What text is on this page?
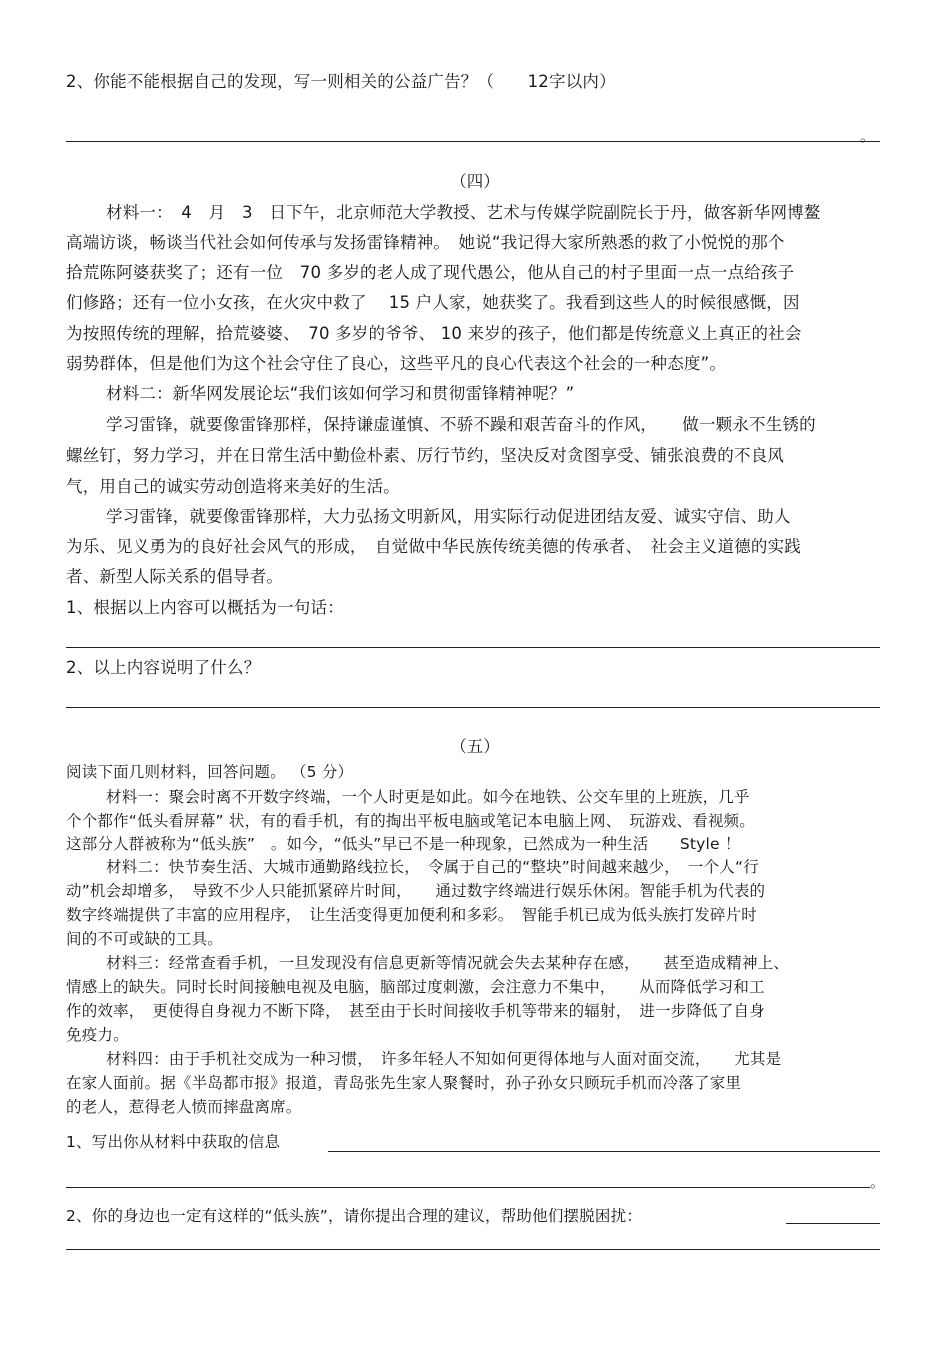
2、你能不能根据自己的发现，写一则相关的公益广告？（　　12字以内）
。
（四）
材料一：　4　月　3　日下午，北京师范大学教授、艺术与传媒学院副院长于丹，做客新华网博鳌
高端访谈，畅谈当代社会如何传承与发扬雷锋精神。　她说“我记得大家所熟悉的救了小悦悦的那个
拾荒陈阿婆获奖了；还有一位　70 多岁的老人成了现代愚公，他从自己的村子里面一点一点给孩子
们修路；还有一位小女孩，在火灾中救了　 15 户人家，她获奖了。我看到这些人的时候很感慨，因
为按照传统的理解，拾荒婆婆、　70 多岁的爷爷、 10 来岁的孩子，他们都是传统意义上真正的社会
弱势群体，但是他们为这个社会守住了良心，这些平凡的良心代表这个社会的一种态度”。
材料二：新华网发展论坛“我们该如何学习和贯彻雷锋精神呢？”
学习雷锋，就要像雷锋那样，保持谦虚谨慎、不骄不躁和艰苦奋斗的作风，　　做一颗永不生锈的
螺丝钉，努力学习，并在日常生活中勤俭朴素、厉行节约，坚决反对贪图享受、铺张浪费的不良风
气，用自己的诚实劳动创造将来美好的生活。
学习雷锋，就要像雷锋那样，大力弘扬文明新风，用实际行动促进团结友爱、诚实守信、助人
为乐、见义勇为的良好社会风气的形成，　自觉做中华民族传统美德的传承者、　社会主义道德的实践
者、新型人际关系的倡导者。
1、根据以上内容可以概括为一句话：
2、以上内容说明了什么？
（五）
阅读下面几则材料，回答问题。 （5 分）
材料一：聚会时离不开数字终端，一个人时更是如此。如今在地铁、公交车里的上班族，几乎
个个都作“低头看屏幕” 状，有的看手机，有的掏出平板电脑或笔记本电脑上网、　玩游戏、看视频。
这部分人群被称为“低头族”　。如今，“低头”早已不是一种现象，已然成为一种生活　　Style ！
材料二：快节奏生活、大城市通勤路线拉长，　令属于自己的“整块”时间越来越少，　一个人“行
动”机会却增多，　导致不少人只能抓紧碎片时间，　　通过数字终端进行娱乐休闲。智能手机为代表的
数字终端提供了丰富的应用程序，　让生活变得更加便利和多彩。　智能手机已成为低头族打发碎片时
间的不可或缺的工具。
材料三：经常查看手机，一旦发现没有信息更新等情况就会失去某种存在感，　　甚至造成精神上、
情感上的缺失。同时长时间接触电视及电脑，脑部过度刺激，会注意力不集中，　　从而降低学习和工
作的效率，　更使得自身视力不断下降，　甚至由于长时间接收手机等带来的辐射，　进一步降低了自身
免疫力。
材料四：由于手机社交成为一种习惯，　许多年轻人不知如何更得体地与人面对面交流，　　尤其是
在家人面前。据《半岛都市报》报道，青岛张先生家人聚餐时，孙子孙女只顾玩手机而冷落了家里
的老人，惹得老人愤而摔盘离席。
1、写出你从材料中获取的信息
。
2、你的身边也一定有这样的“低头族”，请你提出合理的建议，帮助他们摆脱困扰：
